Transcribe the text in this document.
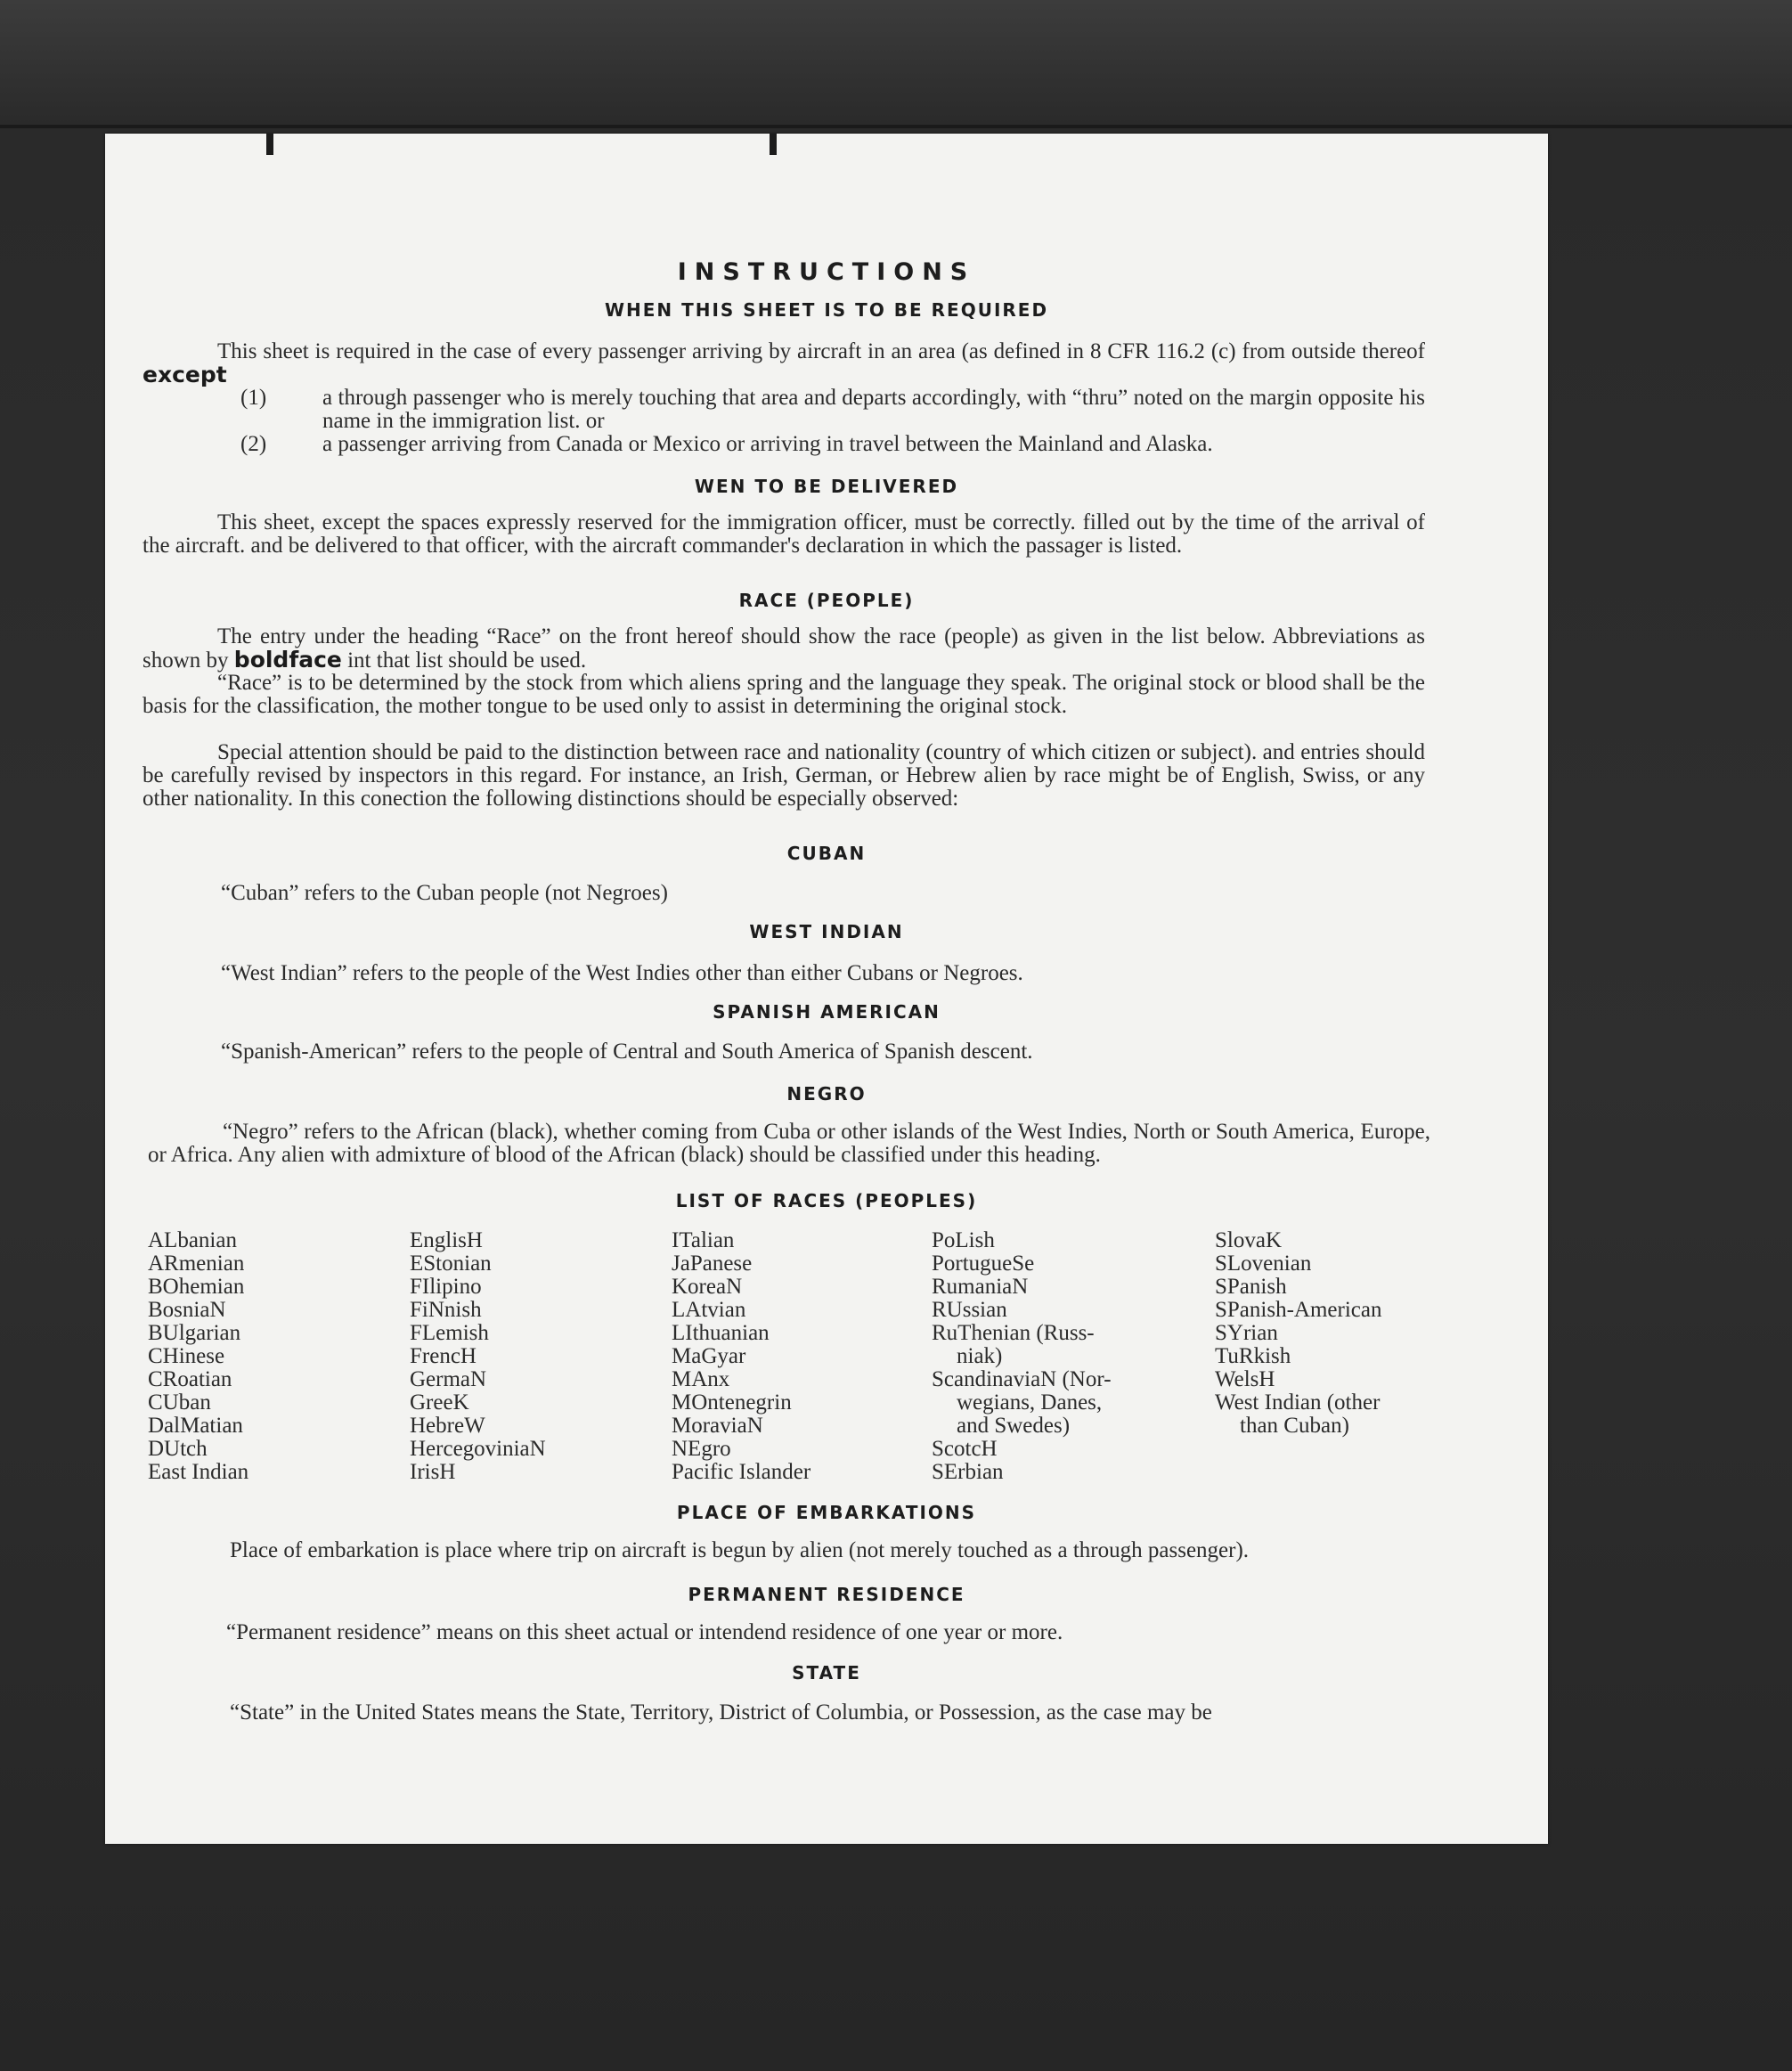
INSTRUCTIONS
WHEN THIS SHEET IS TO BE REQUIRED
This sheet is required in the case of every passenger arriving by aircraft in an area (as defined in 8 CFR 116.2 (c) from outside thereof except
(1)	a through passenger who is merely touching that area and departs accordingly, with “thru” noted on the margin opposite his name in the immigration list. or
(2)	a passenger arriving from Canada or Mexico or arriving in travel between the Mainland and Alaska.
WEN TO BE DELIVERED
This sheet, except the spaces expressly reserved for the immigration officer, must be correctly. filled out by the time of the arrival of the aircraft. and be delivered to that officer, with the aircraft commander's declaration in which the passager is listed.
RACE (PEOPLE)
The entry under the heading “Race” on the front hereof should show the race (people) as given in the list below. Abbreviations as shown by boldface int that list should be used.
“Race” is to be determined by the stock from which aliens spring and the language they speak. The original stock or blood shall be the basis for the classification, the mother tongue to be used only to assist in determining the original stock.
Special attention should be paid to the distinction between race and nationality (country of which citizen or subject). and entries should be carefully revised by inspectors in this regard. For instance, an Irish, German, or Hebrew alien by race might be of English, Swiss, or any other nationality. In this conection the following distinctions should be especially observed:
CUBAN
“Cuban” refers to the Cuban people (not Negroes)
WEST INDIAN
“West Indian” refers to the people of the West Indies other than either Cubans or Negroes.
SPANISH AMERICAN
“Spanish-American” refers to the people of Central and South America of Spanish descent.
NEGRO
“Negro” refers to the African (black), whether coming from Cuba or other islands of the West Indies, North or South America, Europe, or Africa. Any alien with admixture of blood of the African (black) should be classified under this heading.
LIST OF RACES (PEOPLES)
ALbanian
ARmenian
BOhemian
BosniaN
BUlgarian
CHinese
CRoatian
CUban
DalMatian
DUtch
East Indian
EnglisH
EStonian
FIlipino
FiNnish
FLemish
FrencH
GermaN
GreeK
HebreW
HercegoviniaN
IrisH
ITalian
JaPanese
KoreaN
LAtvian
LIthuanian
MaGyar
MAnx
MOntenegrin
MoraviaN
NEgro
Pacific Islander
PoLish
PortugueSe
RumaniaN
RUssian
RuThenian (Russ-
niak)
ScandinaviaN (Nor-
wegians, Danes,
and Swedes)
ScotcH
SErbian
SlovaK
SLovenian
SPanish
SPanish-American
SYrian
TuRkish
WelsH
West Indian (other
than Cuban)
PLACE OF EMBARKATIONS
Place of embarkation is place where trip on aircraft is begun by alien (not merely touched as a through passenger).
PERMANENT RESIDENCE
“Permanent residence” means on this sheet actual or intendend residence of one year or more.
STATE
“State” in the United States means the State, Territory, District of Columbia, or Possession, as the case may be
